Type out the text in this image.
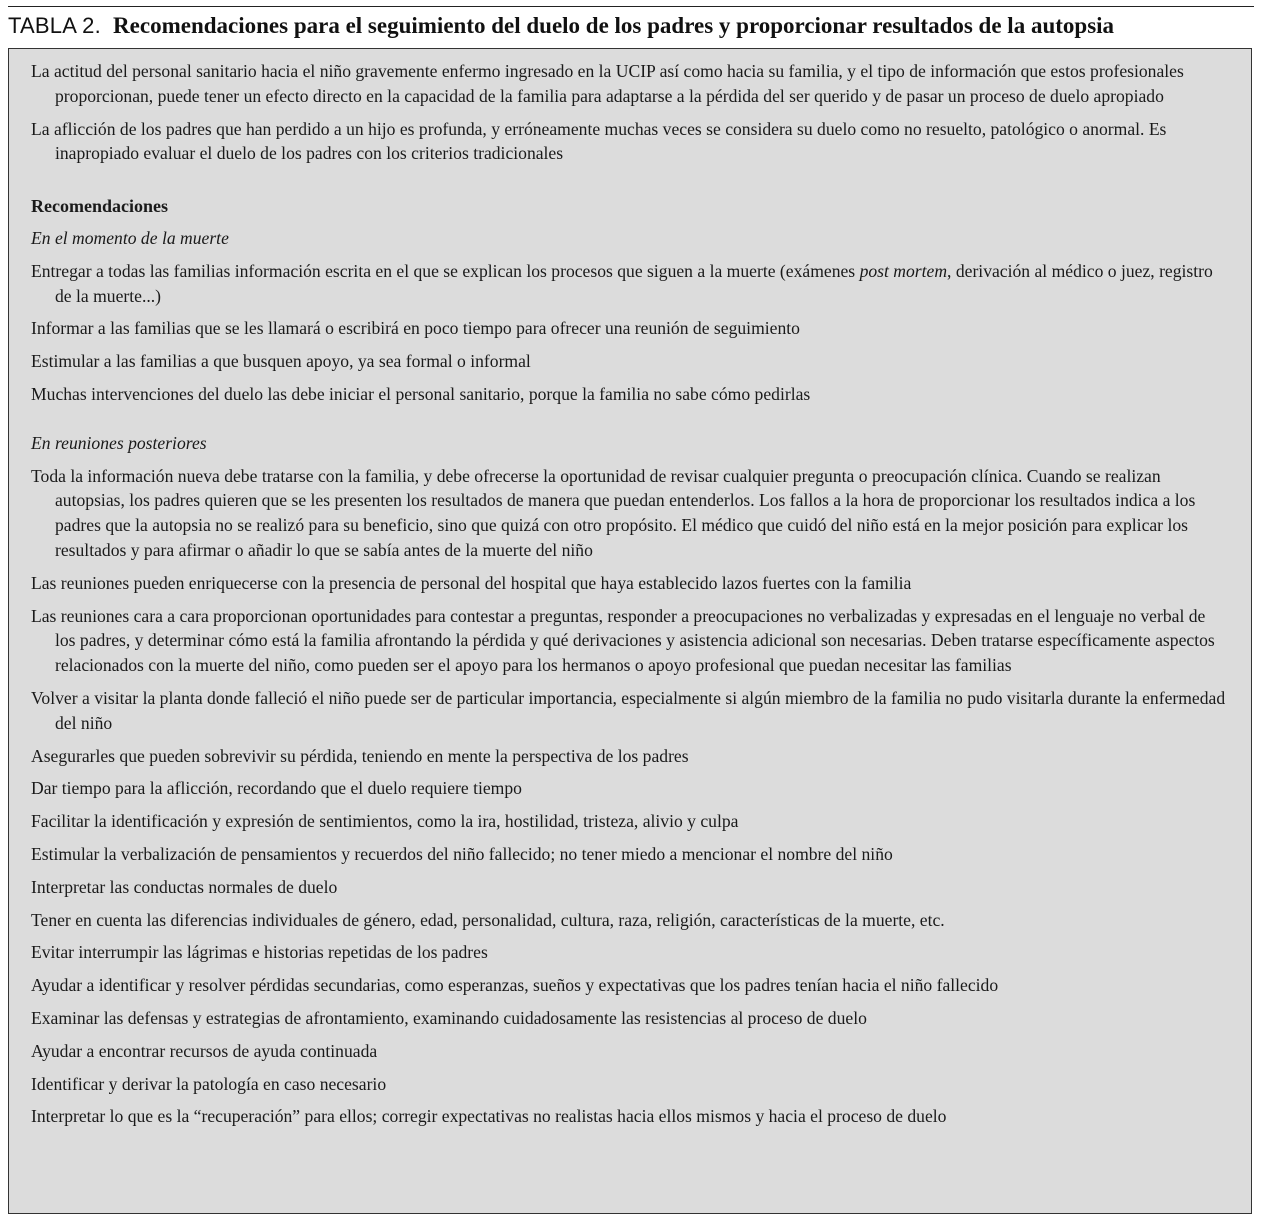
TABLA 2. Recomendaciones para el seguimiento del duelo de los padres y proporcionar resultados de la autopsia

La actitud del personal sanitario hacia el niño gravemente enfermo ingresado en la UCIP así como hacia su familia, y el tipo de información que estos profesionales proporcionan, puede tener un efecto directo en la capacidad de la familia para adaptarse a la pérdida del ser querido y de pasar un proceso de duelo apropiado

La aflicción de los padres que han perdido a un hijo es profunda, y erróneamente muchas veces se considera su duelo como no resuelto, patológico o anormal. Es inapropiado evaluar el duelo de los padres con los criterios tradicionales

Recomendaciones

En el momento de la muerte

Entregar a todas las familias información escrita en el que se explican los procesos que siguen a la muerte (exámenes post mortem, derivación al médico o juez, registro de la muerte...)

Informar a las familias que se les llamará o escribirá en poco tiempo para ofrecer una reunión de seguimiento

Estimular a las familias a que busquen apoyo, ya sea formal o informal

Muchas intervenciones del duelo las debe iniciar el personal sanitario, porque la familia no sabe cómo pedirlas

En reuniones posteriores

Toda la información nueva debe tratarse con la familia, y debe ofrecerse la oportunidad de revisar cualquier pregunta o preocupación clínica. Cuando se realizan autopsias, los padres quieren que se les presenten los resultados de manera que puedan entenderlos. Los fallos a la hora de proporcionar los resultados indica a los padres que la autopsia no se realizó para su beneficio, sino que quizá con otro propósito. El médico que cuidó del niño está en la mejor posición para explicar los resultados y para afirmar o añadir lo que se sabía antes de la muerte del niño

Las reuniones pueden enriquecerse con la presencia de personal del hospital que haya establecido lazos fuertes con la familia

Las reuniones cara a cara proporcionan oportunidades para contestar a preguntas, responder a preocupaciones no verbalizadas y expresadas en el lenguaje no verbal de los padres, y determinar cómo está la familia afrontando la pérdida y qué derivaciones y asistencia adicional son necesarias. Deben tratarse específicamente aspectos relacionados con la muerte del niño, como pueden ser el apoyo para los hermanos o apoyo profesional que puedan necesitar las familias

Volver a visitar la planta donde falleció el niño puede ser de particular importancia, especialmente si algún miembro de la familia no pudo visitarla durante la enfermedad del niño

Asegurarles que pueden sobrevivir su pérdida, teniendo en mente la perspectiva de los padres

Dar tiempo para la aflicción, recordando que el duelo requiere tiempo

Facilitar la identificación y expresión de sentimientos, como la ira, hostilidad, tristeza, alivio y culpa

Estimular la verbalización de pensamientos y recuerdos del niño fallecido; no tener miedo a mencionar el nombre del niño

Interpretar las conductas normales de duelo

Tener en cuenta las diferencias individuales de género, edad, personalidad, cultura, raza, religión, características de la muerte, etc.

Evitar interrumpir las lágrimas e historias repetidas de los padres

Ayudar a identificar y resolver pérdidas secundarias, como esperanzas, sueños y expectativas que los padres tenían hacia el niño fallecido

Examinar las defensas y estrategias de afrontamiento, examinando cuidadosamente las resistencias al proceso de duelo

Ayudar a encontrar recursos de ayuda continuada

Identificar y derivar la patología en caso necesario

Interpretar lo que es la “recuperación” para ellos; corregir expectativas no realistas hacia ellos mismos y hacia el proceso de duelo
